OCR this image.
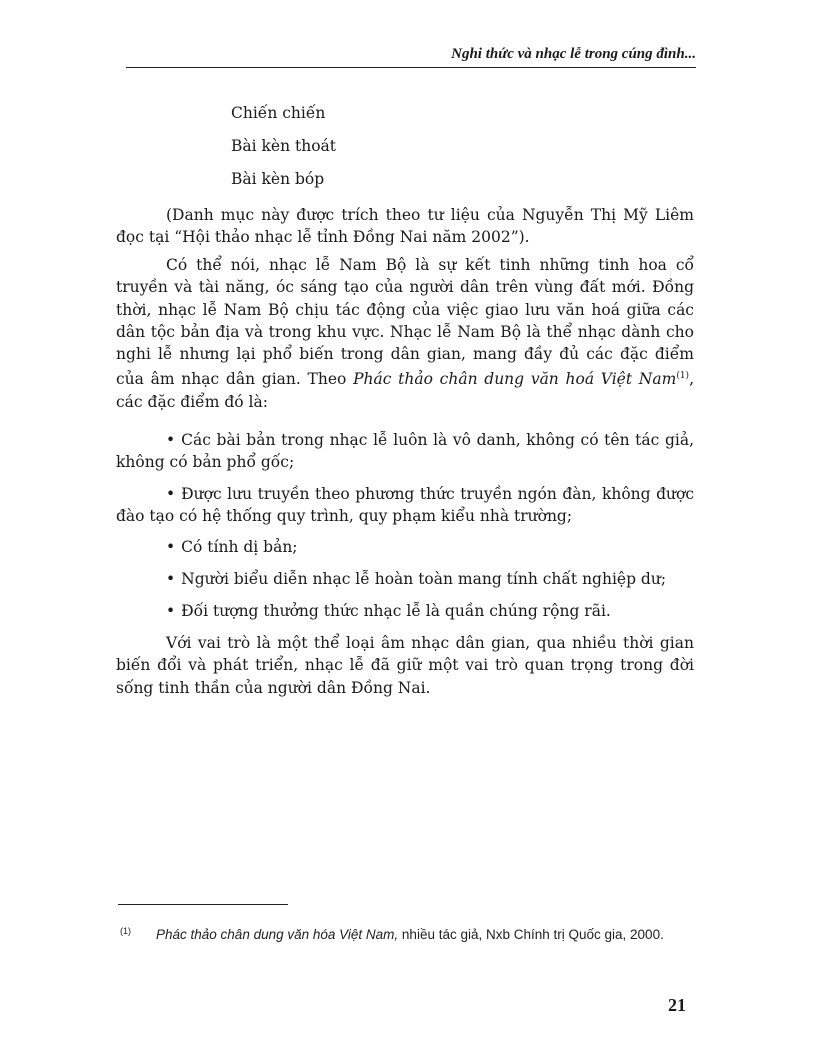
Nghi thức và nhạc lễ trong cúng đình...
Chiến chiến
Bài kèn thoát
Bài kèn bóp

(Danh mục này được trích theo tư liệu của Nguyễn Thị Mỹ Liêm đọc tại “Hội thảo nhạc lễ tỉnh Đồng Nai năm 2002”).

Có thể nói, nhạc lễ Nam Bộ là sự kết tinh những tinh hoa cổ truyền và tài năng, óc sáng tạo của người dân trên vùng đất mới. Đồng thời, nhạc lễ Nam Bộ chịu tác động của việc giao lưu văn hoá giữa các dân tộc bản địa và trong khu vực. Nhạc lễ Nam Bộ là thể nhạc dành cho nghi lễ nhưng lại phổ biến trong dân gian, mang đầy đủ các đặc điểm của âm nhạc dân gian. Theo Phác thảo chân dung văn hoá Việt Nam$^{(1)}$, các đặc điểm đó là:

• Các bài bản trong nhạc lễ luôn là vô danh, không có tên tác giả, không có bản phổ gốc;

• Được lưu truyền theo phương thức truyền ngón đàn, không được đào tạo có hệ thống quy trình, quy phạm kiểu nhà trường;

• Có tính dị bản;

• Người biểu diễn nhạc lễ hoàn toàn mang tính chất nghiệp dư;

• Đối tượng thưởng thức nhạc lễ là quần chúng rộng rãi.

Với vai trò là một thể loại âm nhạc dân gian, qua nhiều thời gian biến đổi và phát triển, nhạc lễ đã giữ một vai trò quan trọng trong đời sống tinh thần của người dân Đồng Nai.

(1) Phác thảo chân dung văn hóa Việt Nam, nhiều tác giả, Nxb Chính trị Quốc gia, 2000.
21
